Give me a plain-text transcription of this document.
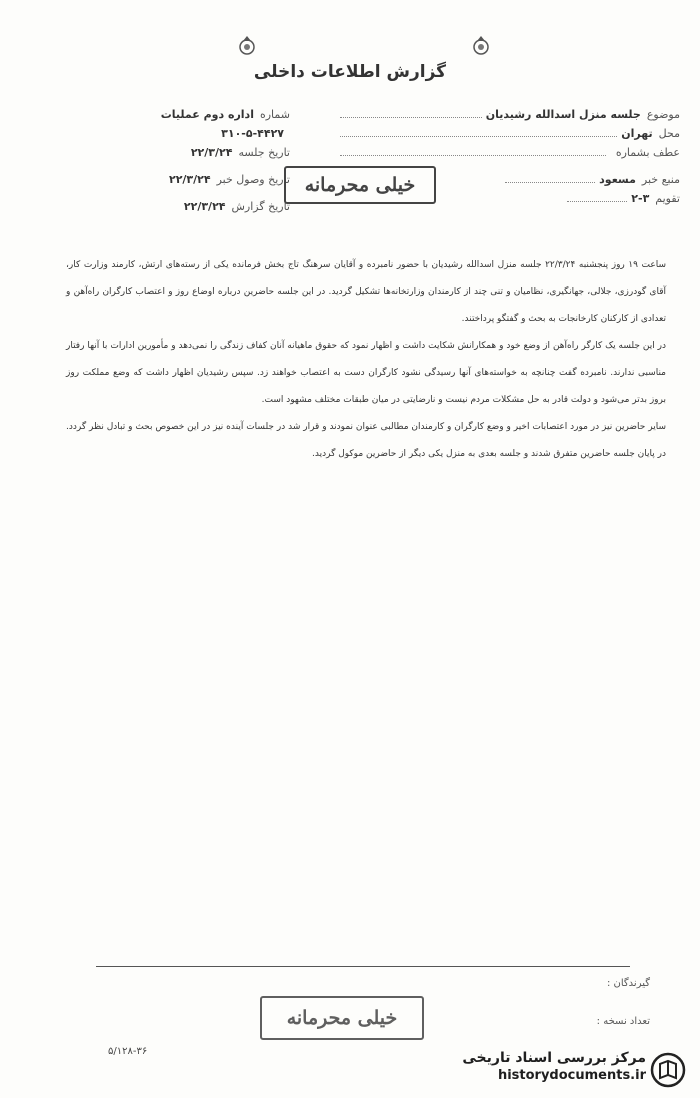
گزارش اطلاعات داخلی
موضوع
جلسه منزل اسدالله رشیدیان
محل
تهران
عطف بشماره
منبع خبر
مسعود
تقویم
۲-۳
شماره
اداره دوم عملیات
۳۱۰-۵-۴۴۲۷
تاریخ جلسه
۲۲/۳/۲۴
تاریخ وصول خبر
۲۲/۳/۲۴
تاریخ گزارش
۲۲/۳/۲۴
خیلی محرمانه

ساعت ۱۹ روز پنجشنبه ۲۲/۳/۲۴ جلسه منزل اسدالله رشیدیان با حضور نامبرده و آقایان سرهنگ تاج بخش فرمانده یکی از رسته‌های ارتش، کارمند وزارت کار، آقای گودرزی، جلالی، جهانگیری، نظامیان و تنی چند از کارمندان وزارتخانه‌ها تشکیل گردید. در این جلسه حاضرین درباره اوضاع روز و اعتصاب کارگران راه‌آهن و تعدادی از کارکنان کارخانجات به بحث و گفتگو پرداختند.

در این جلسه یک کارگر راه‌آهن از وضع خود و همکارانش شکایت داشت و اظهار نمود که حقوق ماهیانه آنان کفاف زندگی را نمی‌دهد و مأمورین ادارات با آنها رفتار مناسبی ندارند. نامبرده گفت چنانچه به خواسته‌های آنها رسیدگی نشود کارگران دست به اعتصاب خواهند زد. سپس رشیدیان اظهار داشت که وضع مملکت روز بروز بدتر می‌شود و دولت قادر به حل مشکلات مردم نیست و نارضایتی در میان طبقات مختلف مشهود است.

سایر حاضرین نیز در مورد اعتصابات اخیر و وضع کارگران و کارمندان مطالبی عنوان نمودند و قرار شد در جلسات آینده نیز در این خصوص بحث و تبادل نظر گردد. در پایان جلسه حاضرین متفرق شدند و جلسه بعدی به منزل یکی دیگر از حاضرین موکول گردید.

گیرندگان :
تعداد نسخه :
خیلی محرمانه
۵/۱۲۸-۳۶	مرکز بررسی اسناد تاریخی
historydocuments.ir
